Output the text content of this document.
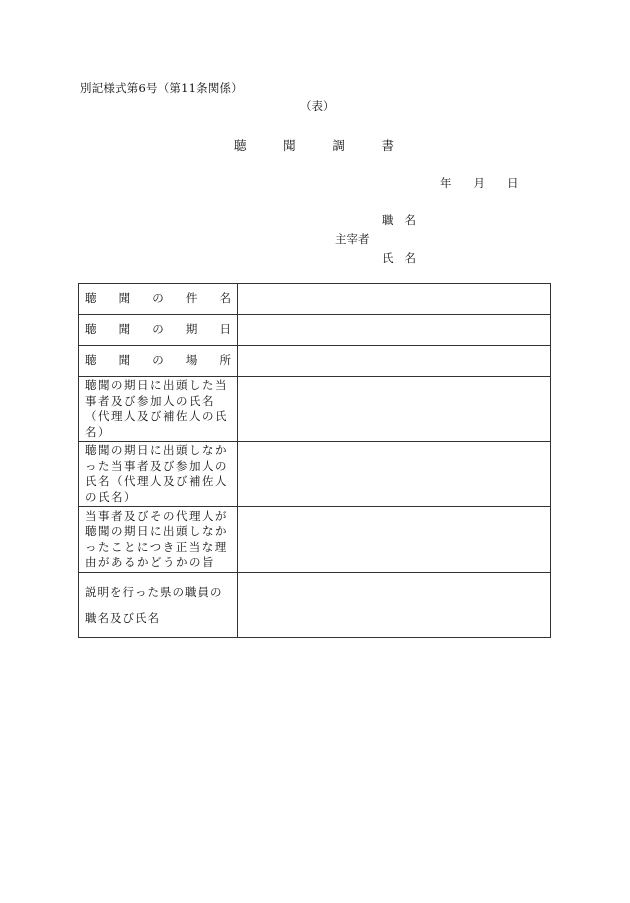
別記様式第6号（第11条関係）
（表）
聴	聞	調	書
年 月 日
職名
主宰者
氏名
聴 聞 の 件 名	

聴 聞 の 期 日	

聴 聞 の 場 所	

聴聞の期日に出頭した当事者及び参加人の氏名（代理人及び補佐人の氏名）	
聴聞の期日に出頭しなかった当事者及び参加人の氏名（代理人及び補佐人の氏名）	
当事者及びその代理人が聴聞の期日に出頭しなかったことにつき正当な理由があるかどうかの旨	
説明を行った県の職員の職名及び氏名	
